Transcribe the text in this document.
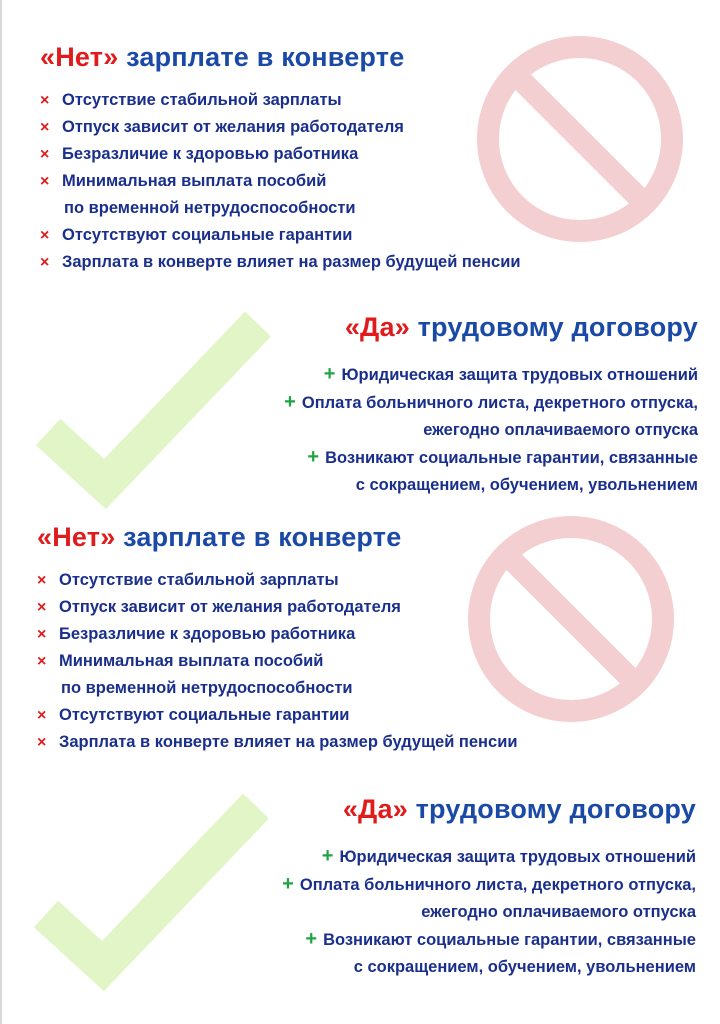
«Нет» зарплате в конверте
× Отсутствие стабильной зарплаты
× Отпуск зависит от желания работодателя
× Безразличие к здоровью работника
× Минимальная выплата пособий
по временной нетрудоспособности
× Отсутствуют социальные гарантии
× Зарплата в конверте влияет на размер будущей пенсии
«Да» трудовому договору
+ Юридическая защита трудовых отношений
+ Оплата больничного листа, декретного отпуска,
ежегодно оплачиваемого отпуска
+ Возникают социальные гарантии, связанные
с сокращением, обучением, увольнением
«Нет» зарплате в конверте
× Отсутствие стабильной зарплаты
× Отпуск зависит от желания работодателя
× Безразличие к здоровью работника
× Минимальная выплата пособий
по временной нетрудоспособности
× Отсутствуют социальные гарантии
× Зарплата в конверте влияет на размер будущей пенсии
«Да» трудовому договору
+ Юридическая защита трудовых отношений
+ Оплата больничного листа, декретного отпуска,
ежегодно оплачиваемого отпуска
+ Возникают социальные гарантии, связанные
с сокращением, обучением, увольнением
